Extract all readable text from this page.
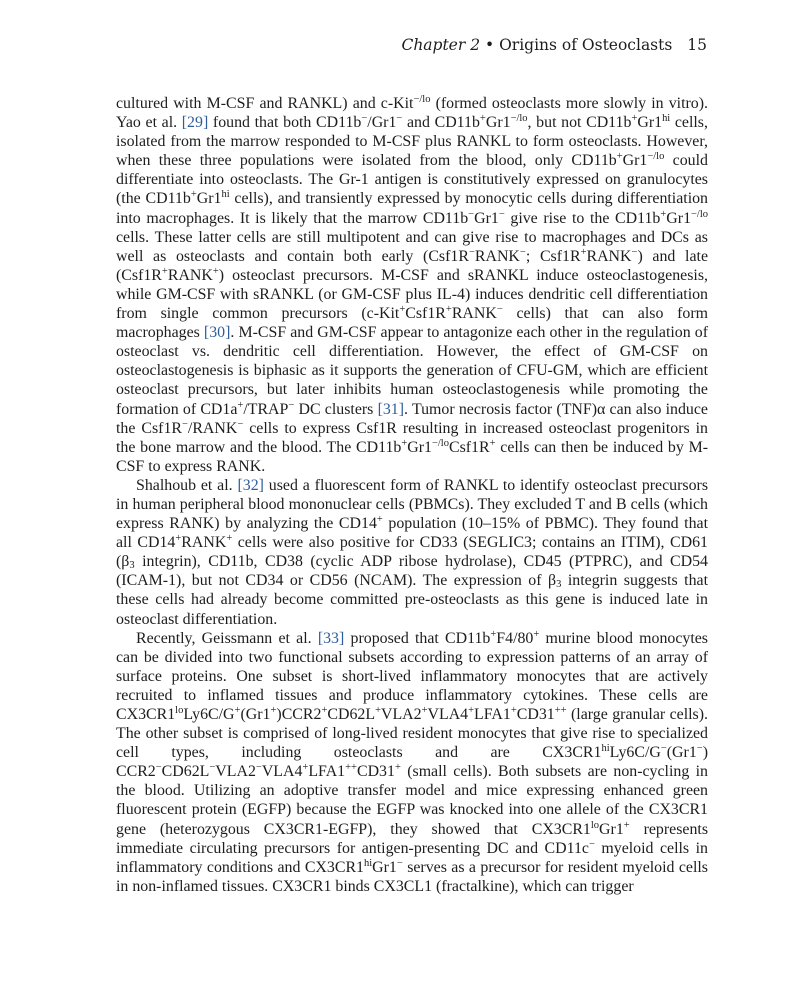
Chapter 2 • Origins of Osteoclasts 15

cultured with M-CSF and RANKL) and c-Kit$^{-/lo}$ (formed osteoclasts more slowly in vitro). Yao et al. [29] found that both CD11b−/Gr1− and $CD11b^+Gr1^{-/lo}$, but not $CD11b^+Gr1^{hi}$ cells, isolated from the marrow responded to M-CSF plus RANKL to form osteoclasts. However, when these three populations were isolated from the blood, only $CD11b^+Gr1^{-/lo}$ could differentiate into osteoclasts. The Gr-1 antigen is constitutively expressed on granulocytes (the $CD11b^+Gr1^{hi}$ cells), and transiently expressed by monocytic cells during differentiation into macrophages. It is likely that the marrow CD11b−Gr1− give rise to the $CD11b^+Gr1^{-/lo}$ cells. These latter cells are still multipotent and can give rise to macrophages and DCs as well as osteoclasts and contain both early (Csf1R−RANK−; Csf1R+RANK−) and late (Csf1R+RANK+) osteoclast precursors. M-CSF and sRANKL induce osteoclastogenesis, while GM-CSF with sRANKL (or GM-CSF plus IL-4) induces dendritic cell differentiation from single common precursors (c-Kit+Csf1R+RANK− cells) that can also form macrophages [30]. M-CSF and GM-CSF appear to antagonize each other in the regulation of osteoclast vs. dendritic cell differentiation. However, the effect of GM-CSF on osteoclastogenesis is biphasic as it supports the generation of CFU-GM, which are efficient osteoclast precursors, but later inhibits human osteoclastogenesis while promoting the formation of CD1a+/TRAP− DC clusters [31]. Tumor necrosis factor (TNF)α can also induce the Csf1R−/RANK− cells to express Csf1R resulting in increased osteoclast progenitors in the bone marrow and the blood. The $CD11b^+Gr1^{-/lo}Csf1R^+$ cells can then be induced by M-CSF to express RANK.

Shalhoub et al. [32] used a fluorescent form of RANKL to identify osteoclast precursors in human peripheral blood mononuclear cells (PBMCs). They excluded T and B cells (which express RANK) by analyzing the CD14+ population (10–15% of PBMC). They found that all CD14+RANK+ cells were also positive for CD33 (SEGLIC3; contains an ITIM), CD61 ($\beta_3$ integrin), CD11b, CD38 (cyclic ADP ribose hydrolase), CD45 (PTPRC), and CD54 (ICAM-1), but not CD34 or CD56 (NCAM). The expression of $\beta_3$ integrin suggests that these cells had already become committed pre-osteoclasts as this gene is induced late in osteoclast differentiation.

Recently, Geissmann et al. [33] proposed that CD11b+F4/80+ murine blood monocytes can be divided into two functional subsets according to expression patterns of an array of surface proteins. One subset is short-lived inflammatory monocytes that are actively recruited to inflamed tissues and produce inflammatory cytokines. These cells are $CX3CR1^{lo}Ly6C/G^+(Gr1^+)CCR2^+CD62L^+VLA2^+VLA4^+LFA1^+CD31^{++}$ (large granular cells). The other subset is comprised of long-lived resident monocytes that give rise to specialized cell types, including osteoclasts and are $CX3CR1^{hi}Ly6C/G^-(Gr1^-)$ CCR2−CD62L−VLA2−VLA4+LFA1++CD31+ (small cells). Both subsets are non-cycling in the blood. Utilizing an adoptive transfer model and mice expressing enhanced green fluorescent protein (EGFP) because the EGFP was knocked into one allele of the CX3CR1 gene (heterozygous CX3CR1-EGFP), they showed that $CX3CR1^{lo}Gr1^+$ represents immediate circulating precursors for antigen-presenting DC and CD11c− myeloid cells in inflammatory conditions and $CX3CR1^{hi}Gr1^-$ serves as a precursor for resident myeloid cells in non-inflamed tissues. CX3CR1 binds CX3CL1 (fractalkine), which can trigger
